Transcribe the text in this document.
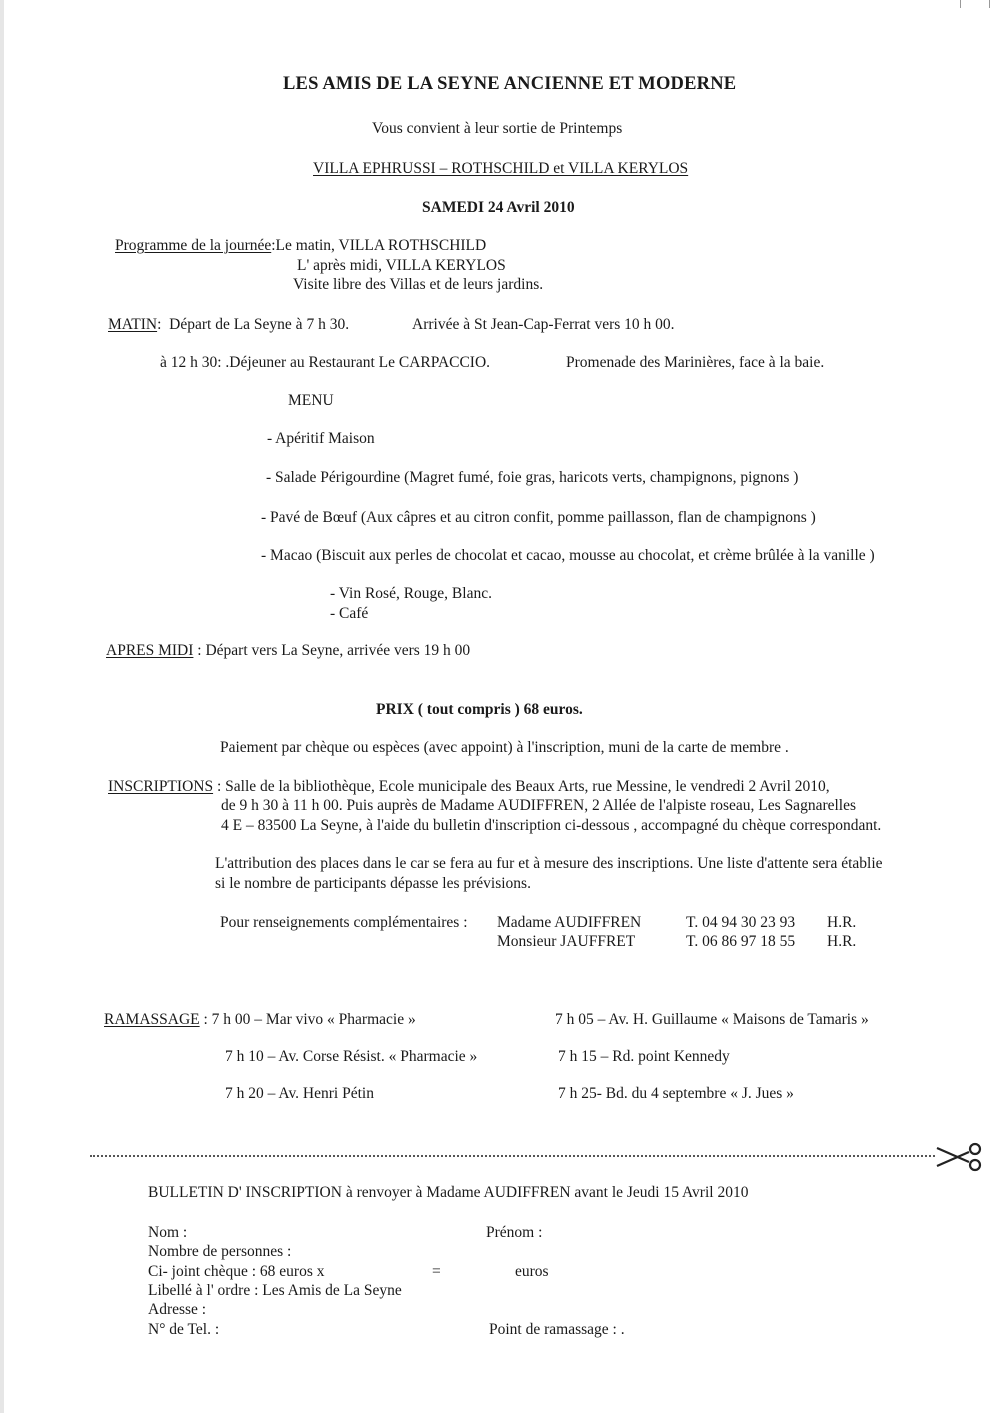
LES AMIS DE LA SEYNE ANCIENNE ET MODERNE
Vous convient à leur sortie de Printemps
VILLA EPHRUSSI – ROTHSCHILD et VILLA KERYLOS
SAMEDI 24 Avril 2010
Programme de la journée:Le matin, VILLA ROTHSCHILD
L' après midi, VILLA KERYLOS
Visite libre des Villas et de leurs jardins.
MATIN: Départ de La Seyne à 7 h 30.	Arrivée à St Jean-Cap-Ferrat vers 10 h 00.
à 12 h 30: .Déjeuner au Restaurant Le CARPACCIO.	Promenade des Marinières, face à la baie.
MENU
- Apéritif Maison
- Salade Périgourdine (Magret fumé, foie gras, haricots verts, champignons, pignons )
- Pavé de Bœuf (Aux câpres et au citron confit, pomme paillasson, flan de champignons )
- Macao (Biscuit aux perles de chocolat et cacao, mousse au chocolat, et crème brûlée à la vanille )
- Vin Rosé, Rouge, Blanc.
- Café
APRES MIDI : Départ vers La Seyne, arrivée vers 19 h 00
PRIX ( tout compris ) 68 euros.
Paiement par chèque ou espèces (avec appoint) à l'inscription, muni de la carte de membre .
INSCRIPTIONS : Salle de la bibliothèque, Ecole municipale des Beaux Arts, rue Messine, le vendredi 2 Avril 2010,
de 9 h 30 à 11 h 00. Puis auprès de Madame AUDIFFREN, 2 Allée de l'alpiste roseau, Les Sagnarelles
4 E – 83500 La Seyne, à l'aide du bulletin d'inscription ci-dessous , accompagné du chèque correspondant.
L'attribution des places dans le car se fera au fur et à mesure des inscriptions. Une liste d'attente sera établie
si le nombre de participants dépasse les prévisions.
Pour renseignements complémentaires : Madame AUDIFFREN	T. 04 94 30 23 93 H.R.
Monsieur JAUFFRET	T. 06 86 97 18 55 H.R.
RAMASSAGE : 7 h 00 – Mar vivo « Pharmacie »	7 h 05 – Av. H. Guillaume « Maisons de Tamaris »
7 h 10 – Av. Corse Résist. « Pharmacie »	7 h 15 – Rd. point Kennedy
7 h 20 – Av. Henri Pétin	7 h 25- Bd. du 4 septembre « J. Jues »
BULLETIN D' INSCRIPTION à renvoyer à Madame AUDIFFREN avant le Jeudi 15 Avril 2010
Nom :	Prénom :
Nombre de personnes :
Ci- joint chèque : 68 euros x	=	euros
Libellé à l' ordre : Les Amis de La Seyne
Adresse :
N° de Tel. :	Point de ramassage : .
